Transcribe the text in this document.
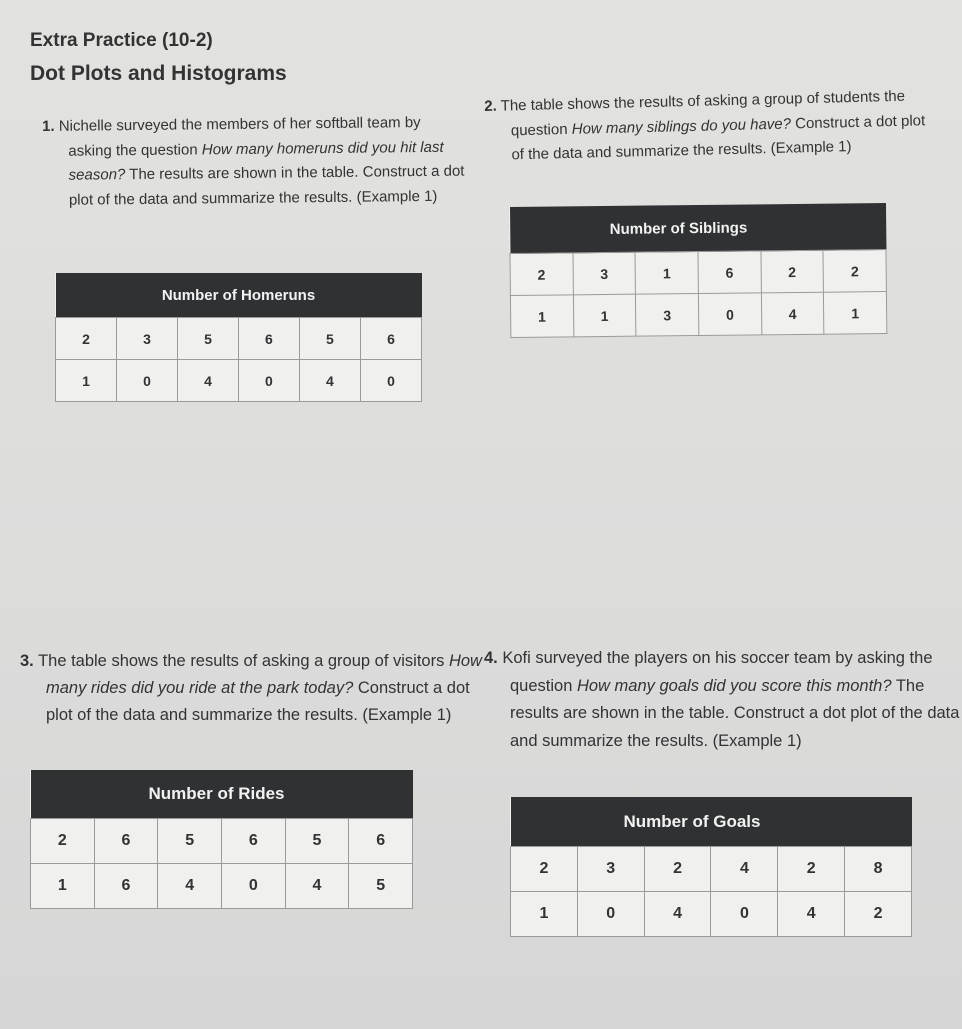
Extra Practice (10-2)
Dot Plots and Histograms
1. Nichelle surveyed the members of her softball team by asking the question How many homeruns did you hit last season? The results are shown in the table. Construct a dot plot of the data and summarize the results. (Example 1)
Number of Homeruns					
2	3	5	6	5	6
1	0	4	0	4	0
2. The table shows the results of asking a group of students the question How many siblings do you have? Construct a dot plot of the data and summarize the results. (Example 1)
Number of Siblings					
2	3	1	6	2	2
1	1	3	0	4	1
3. The table shows the results of asking a group of visitors How many rides did you ride at the park today? Construct a dot plot of the data and summarize the results. (Example 1)
Number of Rides					
2	6	5	6	5	6
1	6	4	0	4	5
4. Kofi surveyed the players on his soccer team by asking the question How many goals did you score this month? The results are shown in the table. Construct a dot plot of the data and summarize the results. (Example 1)
Number of Goals					
2	3	2	4	2	8
1	0	4	0	4	2
